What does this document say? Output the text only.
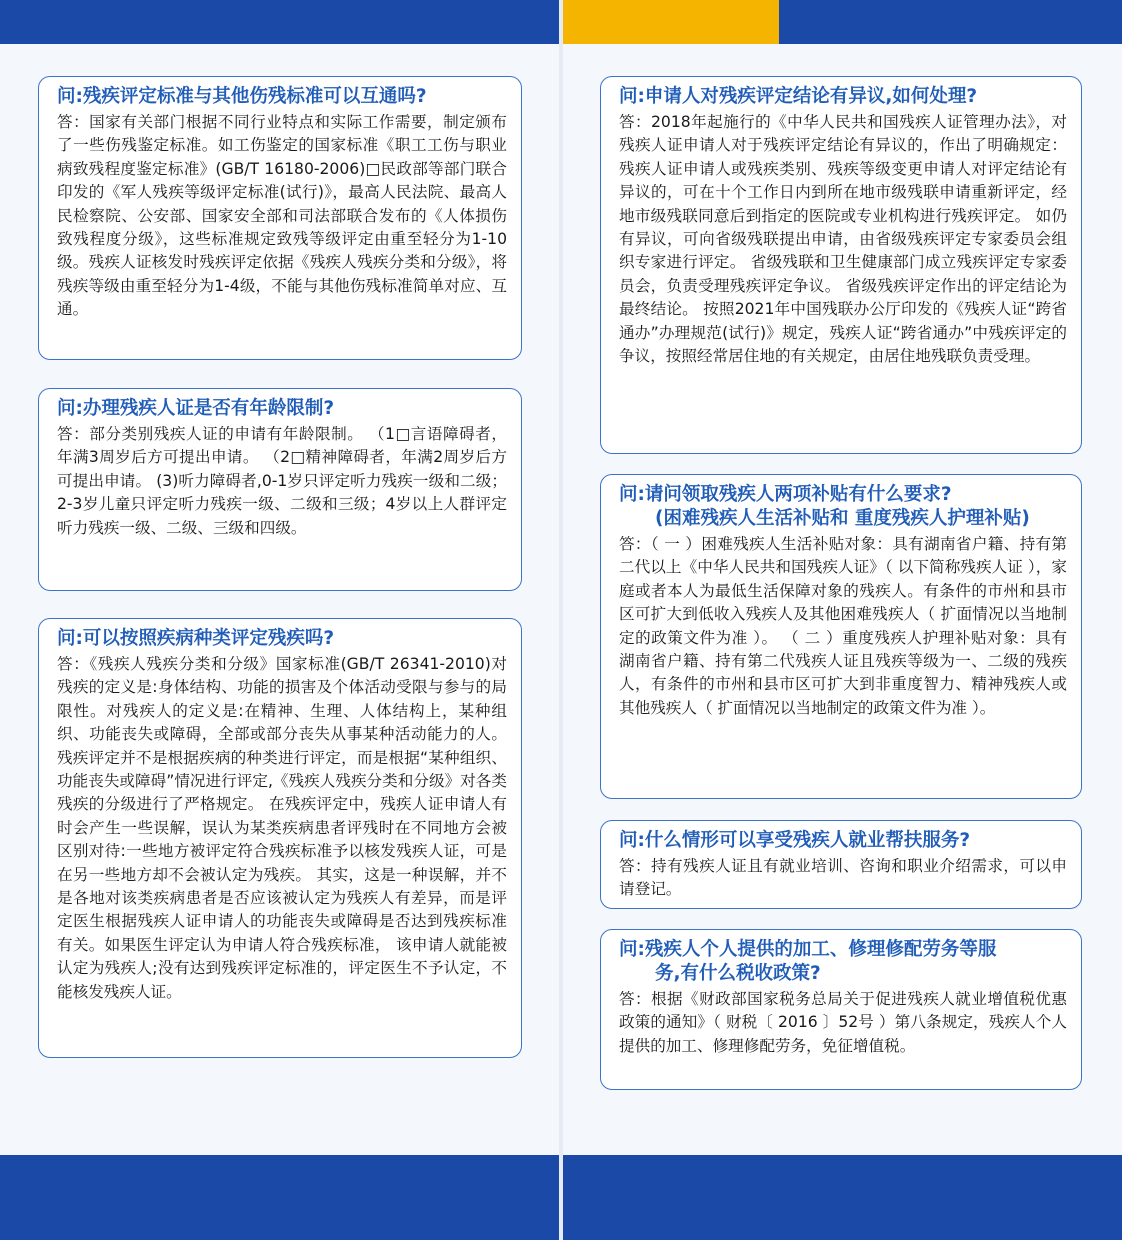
问:残疾评定标准与其他伤残标准可以互通吗?

答：国家有关部门根据不同行业特点和实际工作需要，制定颁布了一些伤残鉴定标准。如工伤鉴定的国家标准《职工工伤与职业病致残程度鉴定标准》(GB/T 16180-2006)□民政部等部门联合印发的《军人残疾等级评定标准(试行)》，最高人民法院、最高人民检察院、公安部、国家安全部和司法部联合发布的《人体损伤致残程度分级》，这些标准规定致残等级评定由重至轻分为1-10级。残疾人证核发时残疾评定依据《残疾人残疾分类和分级》，将残疾等级由重至轻分为1-4级，不能与其他伤残标准简单对应、互通。

问:办理残疾人证是否有年龄限制?

答：部分类别残疾人证的申请有年龄限制。 （1□言语障碍者，年满3周岁后方可提出申请。 （2□精神障碍者，年满2周岁后方可提出申请。 (3)听力障碍者,0-1岁只评定听力残疾一级和二级；2-3岁儿童只评定听力残疾一级、二级和三级；4岁以上人群评定听力残疾一级、二级、三级和四级。

问:可以按照疾病种类评定残疾吗?

答：《残疾人残疾分类和分级》国家标准(GB/T 26341-2010)对残疾的定义是:身体结构、功能的损害及个体活动受限与参与的局限性。对残疾人的定义是:在精神、生理、人体结构上，某种组织、功能丧失或障碍，全部或部分丧失从事某种活动能力的人。 残疾评定并不是根据疾病的种类进行评定，而是根据“某种组织、功能丧失或障碍”情况进行评定,《残疾人残疾分类和分级》对各类残疾的分级进行了严格规定。 在残疾评定中，残疾人证申请人有时会产生一些误解，误认为某类疾病患者评残时在不同地方会被区别对待:一些地方被评定符合残疾标准予以核发残疾人证，可是在另一些地方却不会被认定为残疾。 其实，这是一种误解，并不是各地对该类疾病患者是否应该被认定为残疾人有差异，而是评定医生根据残疾人证申请人的功能丧失或障碍是否达到残疾标准有关。如果医生评定认为申请人符合残疾标准， 该申请人就能被认定为残疾人;没有达到残疾评定标准的，评定医生不予认定，不能核发残疾人证。

问:申请人对残疾评定结论有异议,如何处理?

答：2018年起施行的《中华人民共和国残疾人证管理办法》，对残疾人证申请人对于残疾评定结论有异议的，作出了明确规定：残疾人证申请人或残疾类别、残疾等级变更申请人对评定结论有异议的，可在十个工作日内到所在地市级残联申请重新评定，经地市级残联同意后到指定的医院或专业机构进行残疾评定。 如仍有异议，可向省级残联提出申请，由省级残疾评定专家委员会组织专家进行评定。 省级残联和卫生健康部门成立残疾评定专家委员会，负责受理残疾评定争议。 省级残疾评定作出的评定结论为最终结论。 按照2021年中国残联办公厅印发的《残疾人证“跨省通办”办理规范(试行)》规定，残疾人证“跨省通办”中残疾评定的争议，按照经常居住地的有关规定，由居住地残联负责受理。

问:请问领取残疾人两项补贴有什么要求?
(困难残疾人生活补贴和 重度残疾人护理补贴)

答：（ 一 ）困难残疾人生活补贴对象：具有湖南省户籍、持有第二代以上《中华人民共和国残疾人证》（ 以下简称残疾人证 ），家庭或者本人为最低生活保障对象的残疾人。有条件的市州和县市区可扩大到低收入残疾人及其他困难残疾人（ 扩面情况以当地制定的政策文件为准 ）。 （ 二 ）重度残疾人护理补贴对象：具有湖南省户籍、持有第二代残疾人证且残疾等级为一、二级的残疾人，有条件的市州和县市区可扩大到非重度智力、精神残疾人或其他残疾人（ 扩面情况以当地制定的政策文件为准 ）。

问:什么情形可以享受残疾人就业帮扶服务?

答：持有残疾人证且有就业培训、咨询和职业介绍需求，可以申请登记。

问:残疾人个人提供的加工、修理修配劳务等服
务,有什么税收政策?

答：根据《财政部国家税务总局关于促进残疾人就业增值税优惠政策的通知》（ 财税〔 2016 〕52号 ）第八条规定，残疾人个人提供的加工、修理修配劳务，免征增值税。
